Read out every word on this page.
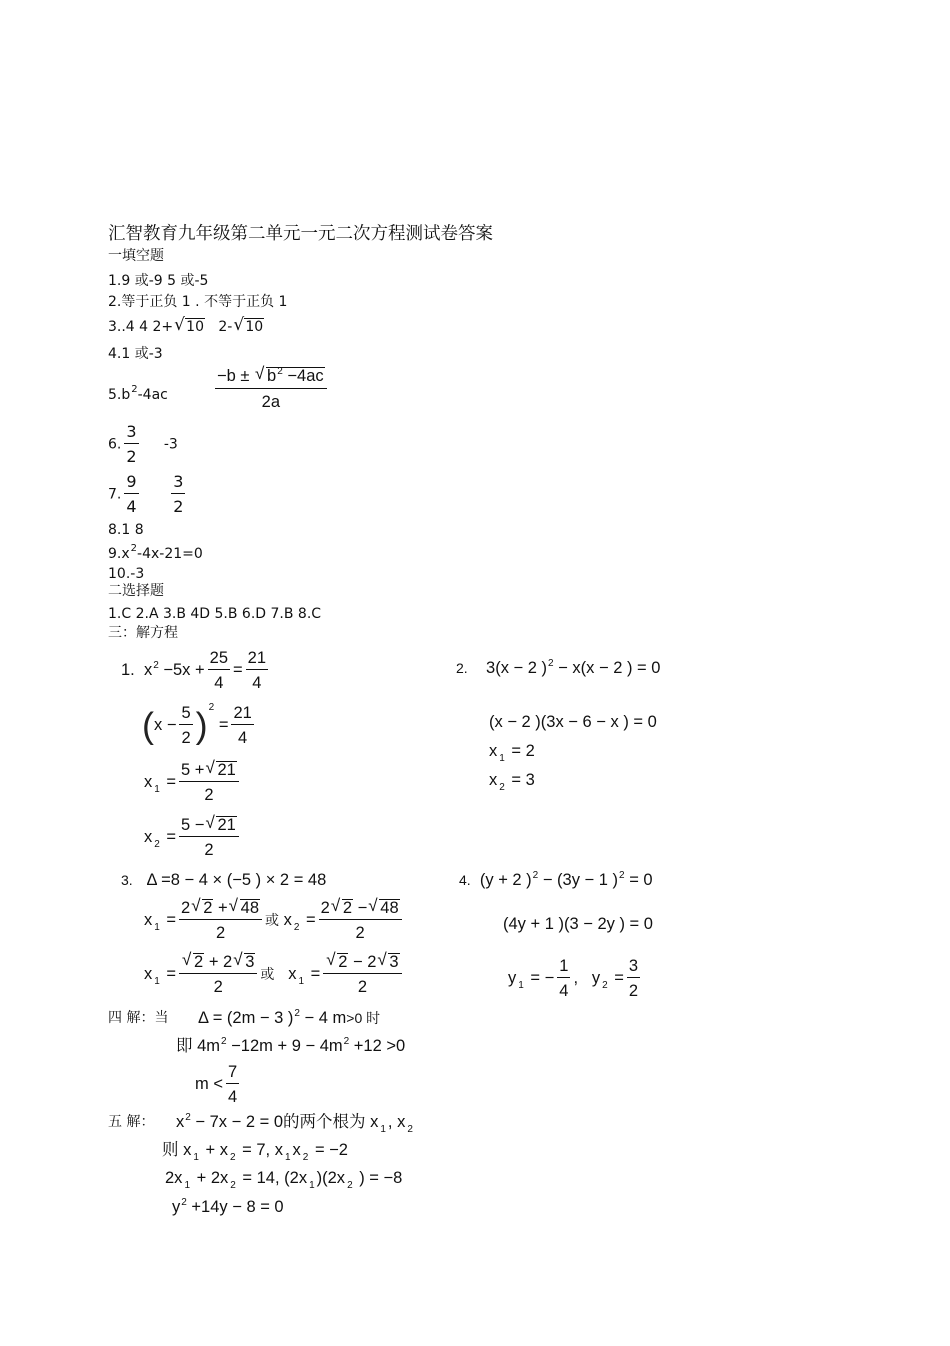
汇智教育九年级第二单元一元二次方程测试卷答案
一填空题
1.9 或-9 5 或-5
2.等于正负 1 . 不等于正负 1
3..4 4 2+ √ 10 2- √ 10
4.1 或-3
$5.b^2-4ac$	$\frac{-b \pm √ b^2 -4ac}{2a}$
6. $\frac{3}{2} -3$
7. $\frac{9}{4}$
$\frac{3}{2}$
8.1 8
$9.x^2-4x-21=0$
10.-3
二选择题
1.C 2.A 3.B 4D 5.B 6.D 7.B 8.C
三：解方程
1. $x^2 -5x + \frac{25}{4} = \frac{21}{4}$
$(x - \frac{5}{2} )^2 = \frac{21}{4}$
x $_1 = \frac{5 + √ 21}{2}$
x $_2 = \frac{5 - √ 21}{2}$
2. 3(x − 2 )$^2$ − x(x − 2 ) = 0
(x − 2 )(3x − 6 − x ) = 0
x $_1$ = 2
x $_2$ = 3
3. Δ =8 − 4 × (−5 ) × 2 = 48
x $_1 = \frac{2 √ 2 + √ 48}{2}$ 或 x $_2 = \frac{2 √ 2 - √ 48}{2}$
x $_1$ = √ $\frac{2 + 2 √ 3}{2}$ 或 x $_1$ = √ $\frac{2 - 2 √ 3}{2}$
4. (y + 2 )$^2$ − (3y − 1 )$^2$ = 0
(4y + 1 )(3 − 2y ) = 0
y $_1$ = − $\frac{1}{4}$ , y $_2 = \frac{3}{2}$
四 解：当 Δ = (2m − 3 )$^2$ − 4 m>0 时
即 $4m^2 -12m + 9 - 4m^2 +12 >0$
$m < \frac{7}{4}$
五 解： $x^2 - 7x - 2 = 0$的两个根为 x $_1$ , x $_2$
则 x $_1$ + x $_2$ = 7, x $_1$ x $_2$ = −2
2x $_1$ + 2x $_2$ = 14, (2x $_1$ )(2x $_2$ ) = −8
$y^2 +14y - 8 = 0$
